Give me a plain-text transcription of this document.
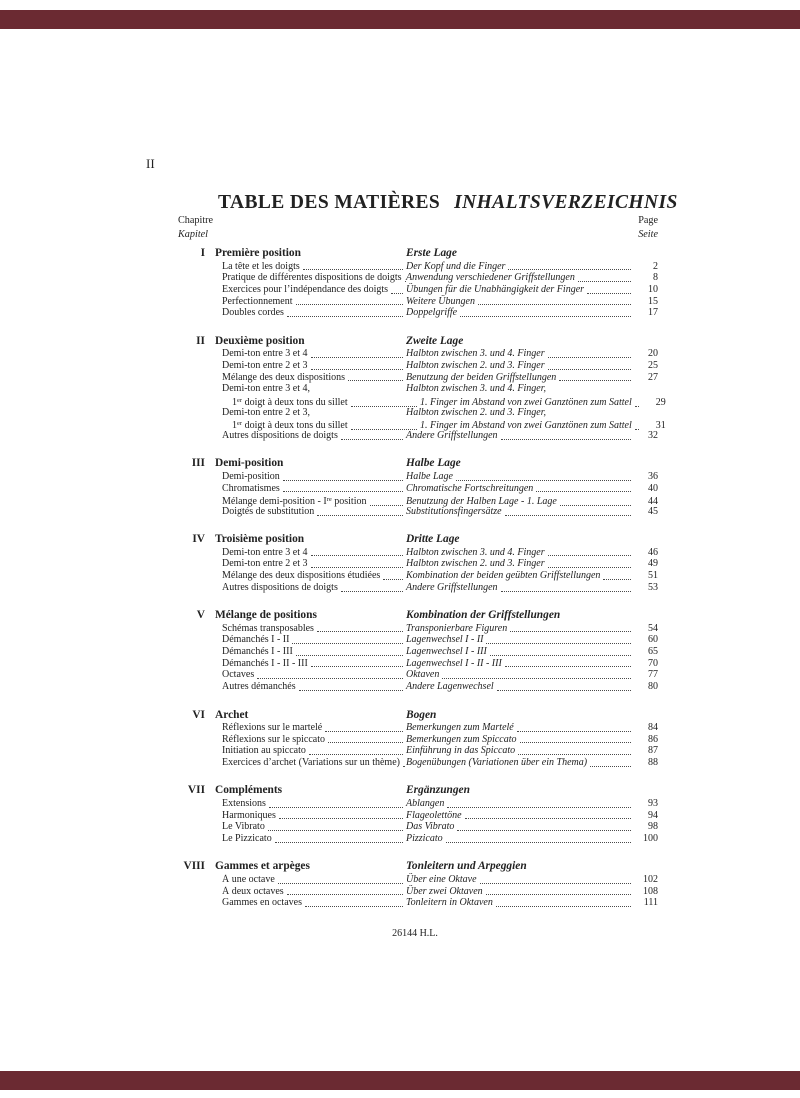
II
TABLE DES MATIÈRES INHALTSVERZEICHNIS
Chapitre
Kapitel
Page
Seite
I Première position	Erste Lage
La tête et les doigts	Der Kopf und die Finger	2
Pratique de différentes dispositions de doigts Anwendung verschiedener Griffstellungen	8
Exercices pour l’indépendance des doigts Übungen für die Unabhängigkeit der Finger	10
Perfectionnement	Weitere Übungen	15
Doubles cordes	Doppelgriffe	17
II Deuxième position	Zweite Lage
Demi-ton entre 3 et 4	Halbton zwischen 3. und 4. Finger	20
Demi-ton entre 2 et 3	Halbton zwischen 2. und 3. Finger	25
Mélange des deux dispositions	Benutzung der beiden Griffstellungen	27
Demi-ton entre 3 et 4,	Halbton zwischen 3. und 4. Finger,
1er doigt à deux tons du sillet	1. Finger im Abstand von zwei Ganztönen zum Sattel	29
Demi-ton entre 2 et 3,	Halbton zwischen 2. und 3. Finger,
1er doigt à deux tons du sillet	1. Finger im Abstand von zwei Ganztönen zum Sattel	31
Autres dispositions de doigts	Andere Griffstellungen	32
III Demi-position	Halbe Lage
Demi-position	Halbe Lage	36
Chromatismes	Chromatische Fortschreitungen	40
Mélange demi-position - Ire position	Benutzung der Halben Lage - 1. Lage	44
Doigtés de substitution	Substitutionsfingersätze	45
IV Troisième position	Dritte Lage
Demi-ton entre 3 et 4	Halbton zwischen 3. und 4. Finger	46
Demi-ton entre 2 et 3	Halbton zwischen 2. und 3. Finger	49
Mélange des deux dispositions étudiées	Kombination der beiden geübten Griffstellungen	51
Autres dispositions de doigts	Andere Griffstellungen	53
V Mélange de positions	Kombination der Griffstellungen
Schémas transposables	Transponierbare Figuren	54
Démanchés I - II	Lagenwechsel I - II	60
Démanchés I - III	Lagenwechsel I - III	65
Démanchés I - II - III	Lagenwechsel I - II - III	70
Octaves	Oktaven	77
Autres démanchés	Andere Lagenwechsel	80
VI Archet	Bogen
Réflexions sur le martelé	Bemerkungen zum Martelé	84
Réflexions sur le spiccato	Bemerkungen zum Spiccato	86
Initiation au spiccato	Einführung in das Spiccato	87
Exercices d’archet (Variations sur un thème) Bogenübungen (Variationen über ein Thema)	88
VII Compléments	Ergänzungen
Extensions	Ablangen	93
Harmoniques	Flageolettöne	94
Le Vibrato	Das Vibrato	98
Le Pizzicato	Pizzicato	100
VIII Gammes et arpèges	Tonleitern und Arpeggien
À une octave	Über eine Oktave	102
À deux octaves	Über zwei Oktaven	108
Gammes en octaves	Tonleitern in Oktaven	111
26144 H.L.
